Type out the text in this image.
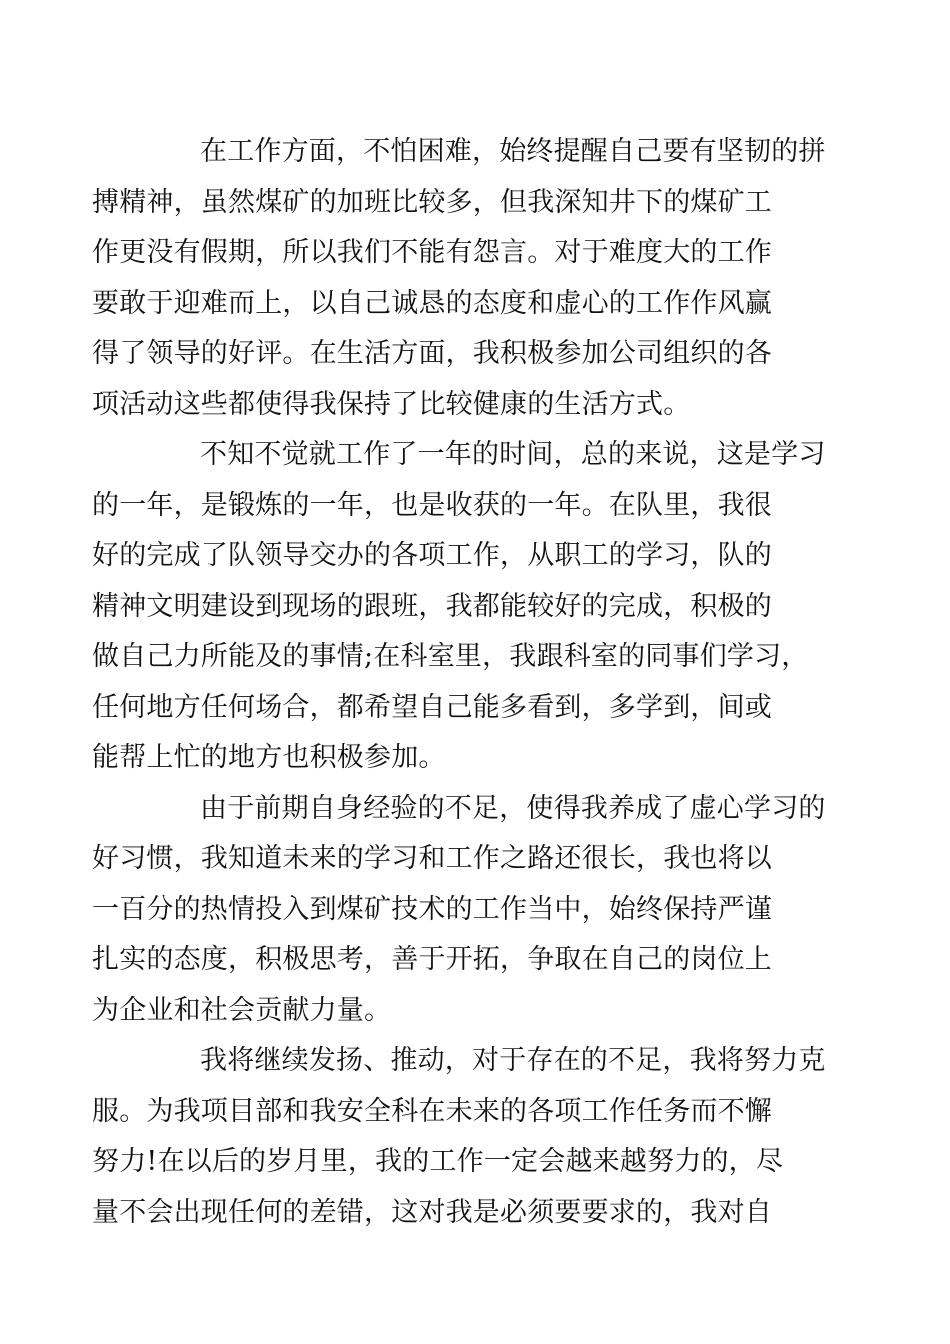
在工作方面，不怕困难，始终提醒自己要有坚韧的拼
搏精神，虽然煤矿的加班比较多，但我深知井下的煤矿工
作更没有假期，所以我们不能有怨言。对于难度大的工作
要敢于迎难而上，以自己诚恳的态度和虚心的工作作风赢
得了领导的好评。在生活方面，我积极参加公司组织的各
项活动这些都使得我保持了比较健康的生活方式。

不知不觉就工作了一年的时间，总的来说，这是学习
的一年，是锻炼的一年，也是收获的一年。在队里，我很
好的完成了队领导交办的各项工作，从职工的学习，队的
精神文明建设到现场的跟班，我都能较好的完成，积极的
做自己力所能及的事情;在科室里，我跟科室的同事们学习，
任何地方任何场合，都希望自己能多看到，多学到，间或
能帮上忙的地方也积极参加。

由于前期自身经验的不足，使得我养成了虚心学习的
好习惯，我知道未来的学习和工作之路还很长，我也将以
一百分的热情投入到煤矿技术的工作当中，始终保持严谨
扎实的态度，积极思考，善于开拓，争取在自己的岗位上
为企业和社会贡献力量。

我将继续发扬、推动，对于存在的不足，我将努力克
服。为我项目部和我安全科在未来的各项工作任务而不懈
努力!在以后的岁月里，我的工作一定会越来越努力的，尽
量不会出现任何的差错，这对我是必须要要求的，我对自
